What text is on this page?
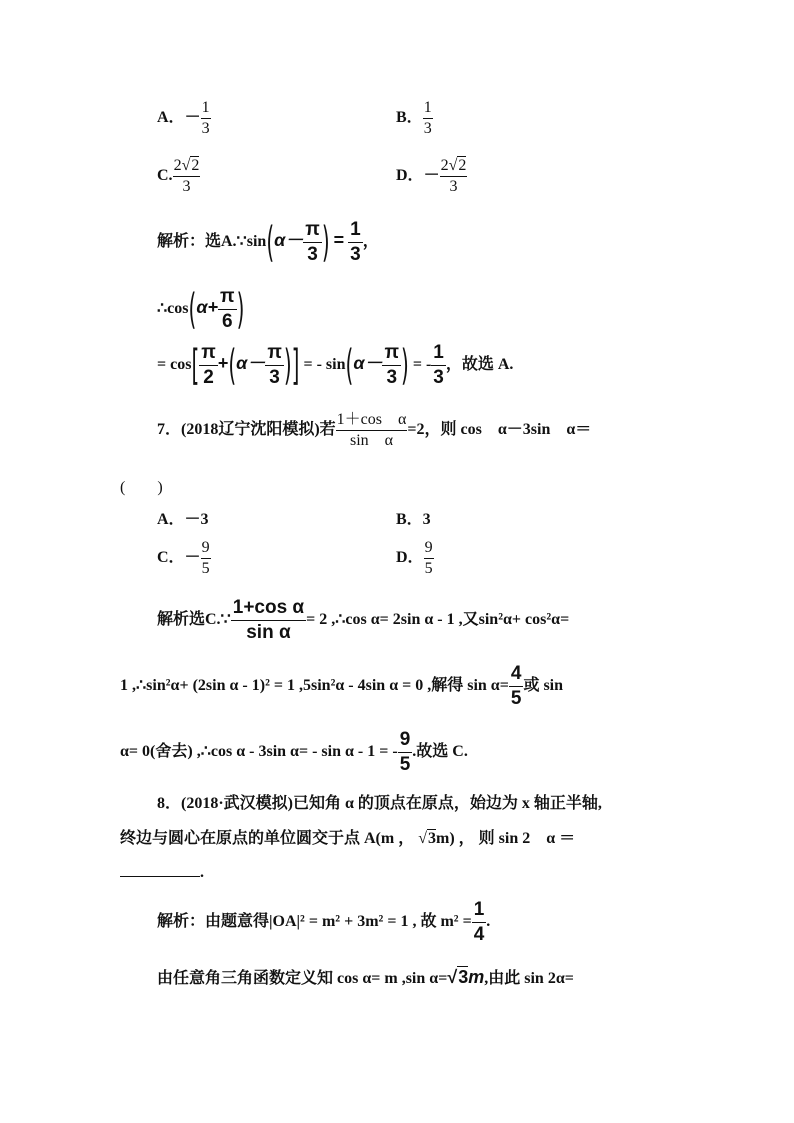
A．－ $\frac{1}{3}$	B． $\frac{1}{3}$
C. $\frac{2√2}{3}$	D．－ $\frac{2√2}{3}$
解析：选A.∵sin(α－ $\frac{\pi}{3}$ ) = $\frac{1}{3}$ ，
∴cos(α+ $\frac{\pi}{6}$ )
= $\cos[ \frac{\pi}{2} +(\alpha- \frac{\pi}{3}$ )] = - $\sin(\alpha- \frac{\pi}{3}$ ) = - $\frac{1}{3}$ ，故选 A.
7．(2018辽宁沈阳模拟)若 $\frac{\text{1＋cos　α}}{\text{sin　α}} =2$，则 cos　α－3sin　α＝
(　　)
A．－3	B．3
C．－ $\frac{9}{5}$	D． $\frac{9}{5}$
解析选C.∵ $\frac{\text{1+cos α}}{\text{sin α}} = 2$ ,∴cos α= 2sin α - 1 ,又sin²α+ cos²α=
1 ,∴sin²α+ (2sin α - 1)² = 1 ,5sin²α - 4sin α = 0 ,解得 $\sin \alpha= \frac{4}{5}$ 或 sin
α= 0(舍去) ,∴cos α - 3sin α= - sin α - 1 = - $\frac{9}{5}$ .故选 C.
8．(2018·武汉模拟)已知角 α 的顶点在原点，始边为 x 轴正半轴,
终边与圆心在原点的单位圆交于点 A(m ， √3m) ， 则 sin 2　α ＝
.
解析：由题意得|OA|² = m² + 3m² = 1 , 故 $m^2 = \frac{1}{4}$ .
由任意角三角函数定义知 cos α= m ,sin α=√3m,由此 sin 2α=
